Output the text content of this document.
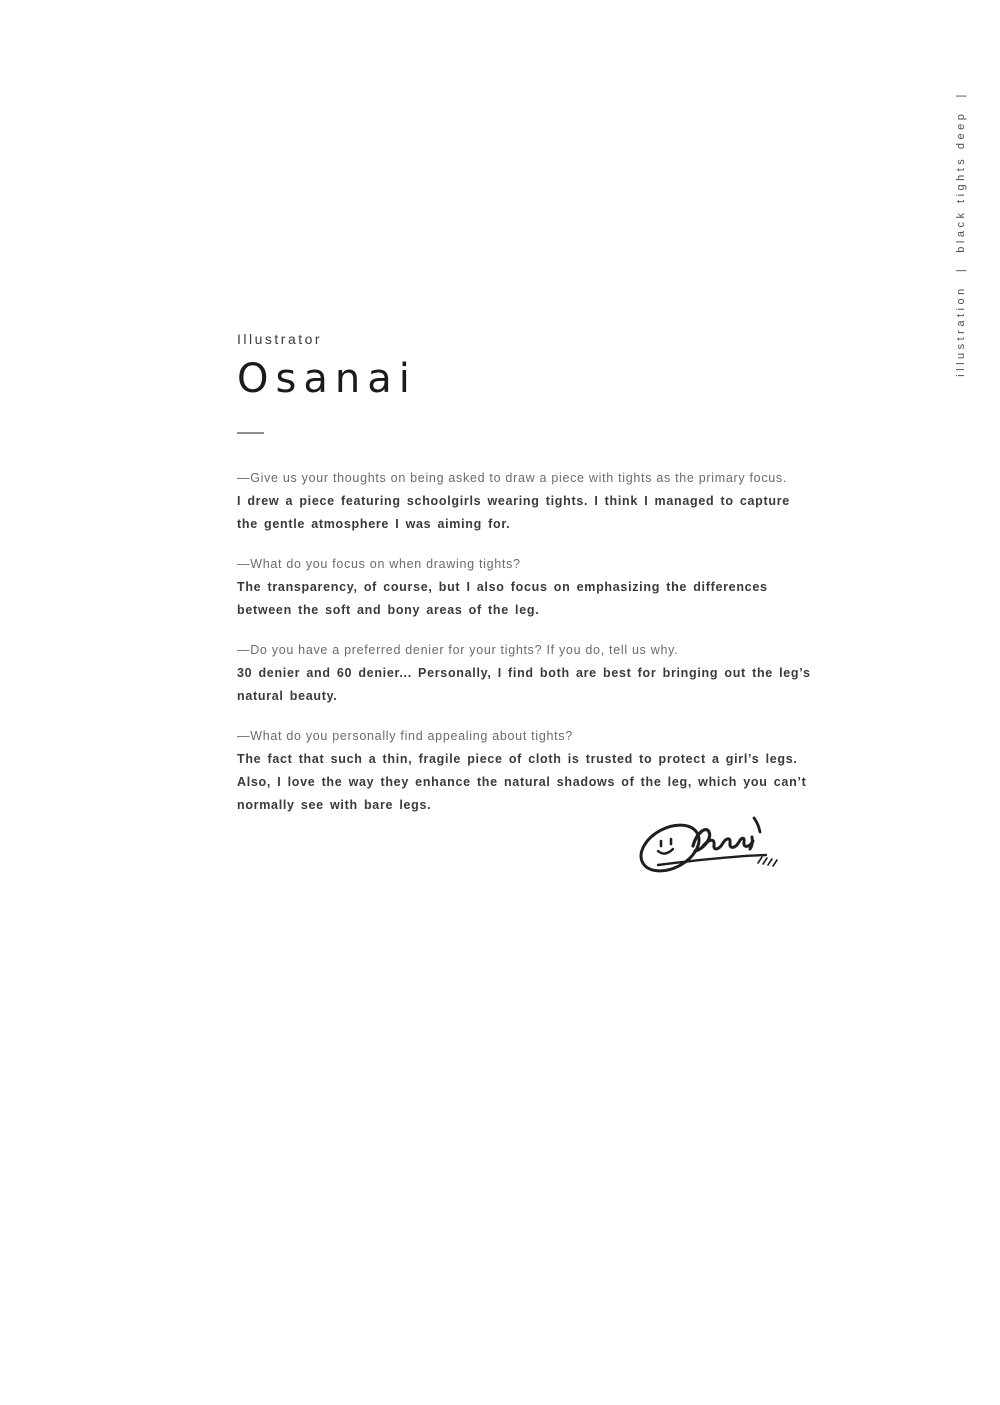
illustration  |  black tights deep  |
Illustrator
Osanai

—Give us your thoughts on being asked to draw a piece with tights as the primary focus.

I drew a piece featuring schoolgirls wearing tights. I think I managed to capture the gentle atmosphere I was aiming for.

—What do you focus on when drawing tights?

The transparency, of course, but I also focus on emphasizing the differences between the soft and bony areas of the leg.

—Do you have a preferred denier for your tights? If you do, tell us why.

30 denier and 60 denier... Personally, I find both are best for bringing out the leg’s natural beauty.

—What do you personally find appealing about tights?

The fact that such a thin, fragile piece of cloth is trusted to protect a girl’s legs. Also, I love the way they enhance the natural shadows of the leg, which you can’t normally see with bare legs.
